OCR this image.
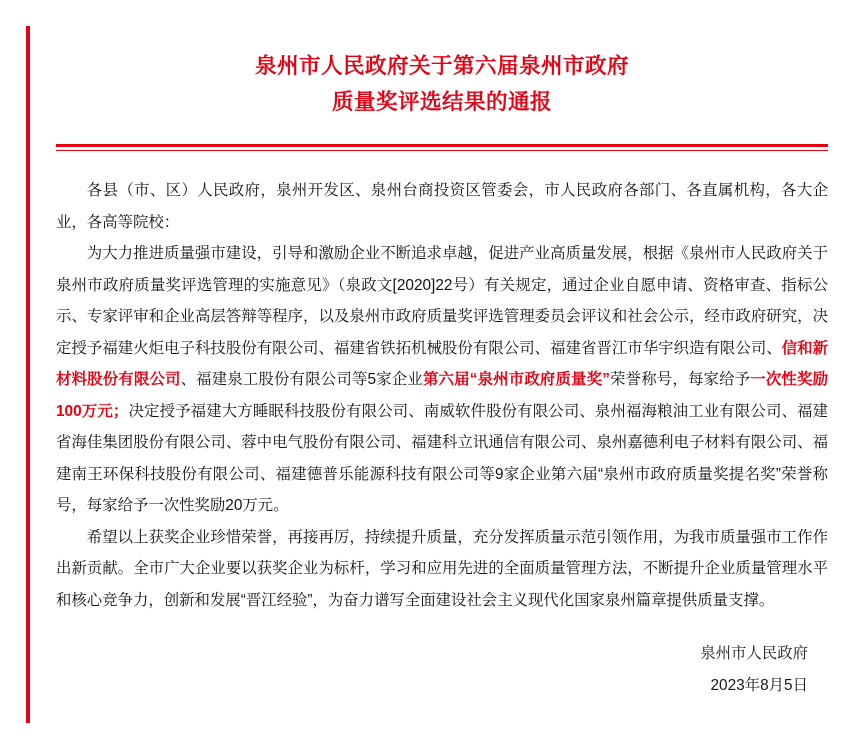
泉州市人民政府关于第六届泉州市政府
质量奖评选结果的通报

各县（市、区）人民政府，泉州开发区、泉州台商投资区管委会，市人民政府各部门、各直属机构，各大企业，各高等院校：

为大力推进质量强市建设，引导和激励企业不断追求卓越，促进产业高质量发展，根据《泉州市人民政府关于泉州市政府质量奖评选管理的实施意见》（泉政文[2020]22号）有关规定，通过企业自愿申请、资格审查、指标公示、专家评审和企业高层答辩等程序，以及泉州市政府质量奖评选管理委员会评议和社会公示，经市政府研究，决定授予福建火炬电子科技股份有限公司、福建省铁拓机械股份有限公司、福建省晋江市华宇织造有限公司、信和新材料股份有限公司、福建泉工股份有限公司等5家企业第六届“泉州市政府质量奖”荣誉称号，每家给予一次性奖励100万元；决定授予福建大方睡眠科技股份有限公司、南威软件股份有限公司、泉州福海粮油工业有限公司、福建省海佳集团股份有限公司、蓉中电气股份有限公司、福建科立讯通信有限公司、泉州嘉德利电子材料有限公司、福建南王环保科技股份有限公司、福建德普乐能源科技有限公司等9家企业第六届“泉州市政府质量奖提名奖”荣誉称号，每家给予一次性奖励20万元。

希望以上获奖企业珍惜荣誉，再接再厉，持续提升质量，充分发挥质量示范引领作用，为我市质量强市工作作出新贡献。全市广大企业要以获奖企业为标杆，学习和应用先进的全面质量管理方法，不断提升企业质量管理水平和核心竞争力，创新和发展“晋江经验”，为奋力谱写全面建设社会主义现代化国家泉州篇章提供质量支撑。

泉州市人民政府
2023年8月5日
